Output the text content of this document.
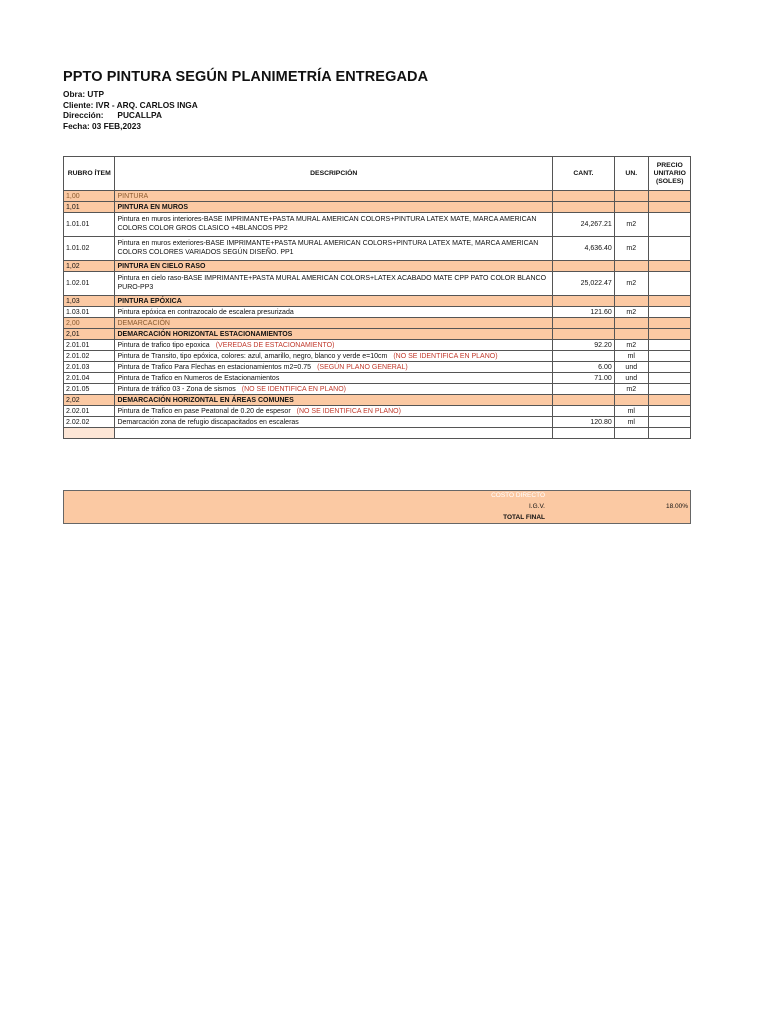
PPTO PINTURA SEGÚN PLANIMETRÍA ENTREGADA
Obra: UTP
Cliente: IVR - ARQ. CARLOS INGA
Dirección:      PUCALLPA
Fecha: 03 FEB,2023
RUBRO ÍTEM	DESCRIPCIÓN	CANT.	UN.	PRECIO UNITARIO (SOLES)
1,00	PINTURA			
1,01	PINTURA EN MUROS			
1.01.01	Pintura en muros interiores-BASE IMPRIMANTE+PASTA MURAL AMERICAN COLORS+PINTURA LATEX MATE, MARCA AMERICAN COLORS COLOR GROS CLASICO +4BLANCOS PP2	24,267.21	m2	
1.01.02	Pintura en muros exteriores-BASE IMPRIMANTE+PASTA MURAL AMERICAN COLORS+PINTURA LATEX MATE, MARCA AMERICAN COLORS COLORES VARIADOS SEGÚN DISEÑO. PP1	4,636.40	m2	
1,02	PINTURA EN CIELO RASO			
1.02.01	Pintura en cielo raso-BASE IMPRIMANTE+PASTA MURAL AMERICAN COLORS+LATEX ACABADO MATE CPP PATO COLOR BLANCO PURO-PP3	25,022.47	m2	
1,03	PINTURA EPÓXICA			
1.03.01	Pintura epóxica en contrazocalo de escalera presurizada	121.60	m2	
2,00	DEMARCACIÓN			
2,01	DEMARCACIÓN HORIZONTAL ESTACIONAMIENTOS			
2.01.01	Pintura de trafico tipo epoxica (VEREDAS DE ESTACIONAMIENTO)	92.20	m2	
2.01.02	Pintura de Transito, tipo epóxica, colores: azul, amarillo, negro, blanco y verde e=10cm (NO SE IDENTIFICA EN PLANO)		ml	
2.01.03	Pintura de Trafico Para Flechas en estacionamientos m2=0.75 (SEGÚN PLANO GENERAL)	6.00	und	
2.01.04	Pintura de Trafico en Numeros de Estacionamientos	71.00	und	
2.01.05	Pintura de tráfico 03 - Zona de sismos (NO SE IDENTIFICA EN PLANO)		m2	
2,02	DEMARCACIÓN HORIZONTAL EN ÁREAS COMUNES			
2.02.01	Pintura de Trafico en pase Peatonal de 0.20 de espesor (NO SE IDENTIFICA EN PLANO)		ml	
2.02.02	Demarcación zona de refugio discapacitados en escaleras	120.80	ml	

COSTO DIRECTO
I.G.V.	18.00%
TOTAL FINAL
